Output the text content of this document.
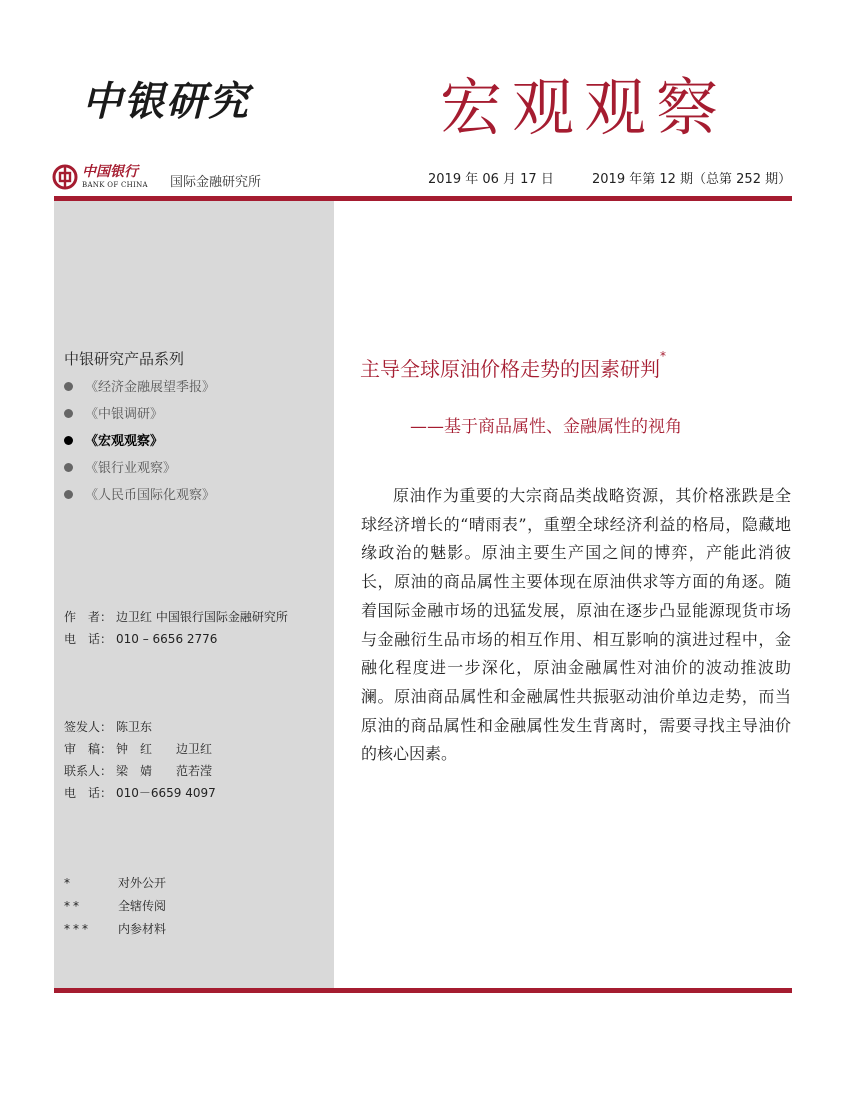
中银研究	宏观观察
中国银行
BANK OF CHINA 国际金融研究所	2019 年 06 月 17 日	2019 年第 12 期（总第 252 期）
中银研究产品系列
《经济金融展望季报》
《中银调研》
《宏观观察》
《银行业观察》
《人民币国际化观察》
作　者： 边卫红 中国银行国际金融研究所
电　话： 010 – 6656 2776
签发人： 陈卫东
审　稿： 钟　红　　边卫红
联系人： 梁　婧　　范若滢
电　话： 010－6659 4097
*	对外公开
**	全辖传阅
*** 内参材料
主导全球原油价格走势的因素研判*
——基于商品属性、金融属性的视角

原油作为重要的大宗商品类战略资源，其价格涨跌是全球经济增长的“晴雨表”，重塑全球经济利益的格局，隐藏地缘政治的魅影。原油主要生产国之间的博弈，产能此消彼长，原油的商品属性主要体现在原油供求等方面的角逐。随着国际金融市场的迅猛发展，原油在逐步凸显能源现货市场与金融衍生品市场的相互作用、相互影响的演进过程中，金融化程度进一步深化，原油金融属性对油价的波动推波助澜。原油商品属性和金融属性共振驱动油价单边走势，而当原油的商品属性和金融属性发生背离时，需要寻找主导油价的核心因素。
